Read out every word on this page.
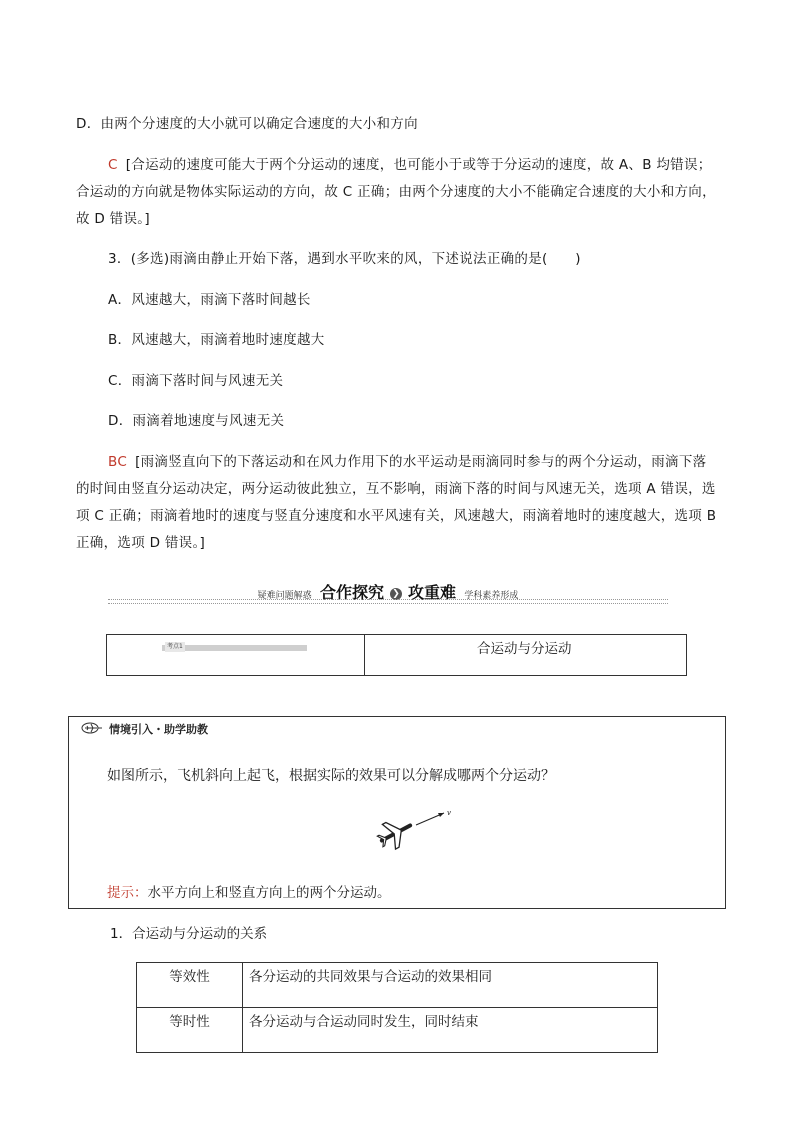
D．由两个分速度的大小就可以确定合速度的大小和方向
C [合运动的速度可能大于两个分运动的速度，也可能小于或等于分运动的速度，故 A、B 均错误；
合运动的方向就是物体实际运动的方向，故 C 正确；由两个分速度的大小不能确定合速度的大小和方向，
故 D 错误。]
3．(多选)雨滴由静止开始下落，遇到水平吹来的风，下述说法正确的是(　　)
A．风速越大，雨滴下落时间越长
B．风速越大，雨滴着地时速度越大
C．雨滴下落时间与风速无关
D．雨滴着地速度与风速无关
BC [雨滴竖直向下的下落运动和在风力作用下的水平运动是雨滴同时参与的两个分运动，雨滴下落
的时间由竖直分运动决定，两分运动彼此独立，互不影响，雨滴下落的时间与风速无关，选项 A 错误，选
项 C 正确；雨滴着地时的速度与竖直分速度和水平风速有关，风速越大，雨滴着地时的速度越大，选项 B
正确，选项 D 错误。]
疑难问题解惑 合作探究 ❯ 攻重难 学科素养形成
考点1	合运动与分运动
情境引入・助学助教
如图所示，飞机斜向上起飞，根据实际的效果可以分解成哪两个分运动？
v
提示：水平方向上和竖直方向上的两个分运动。
1．合运动与分运动的关系
等效性	各分运动的共同效果与合运动的效果相同
等时性	各分运动与合运动同时发生，同时结束
